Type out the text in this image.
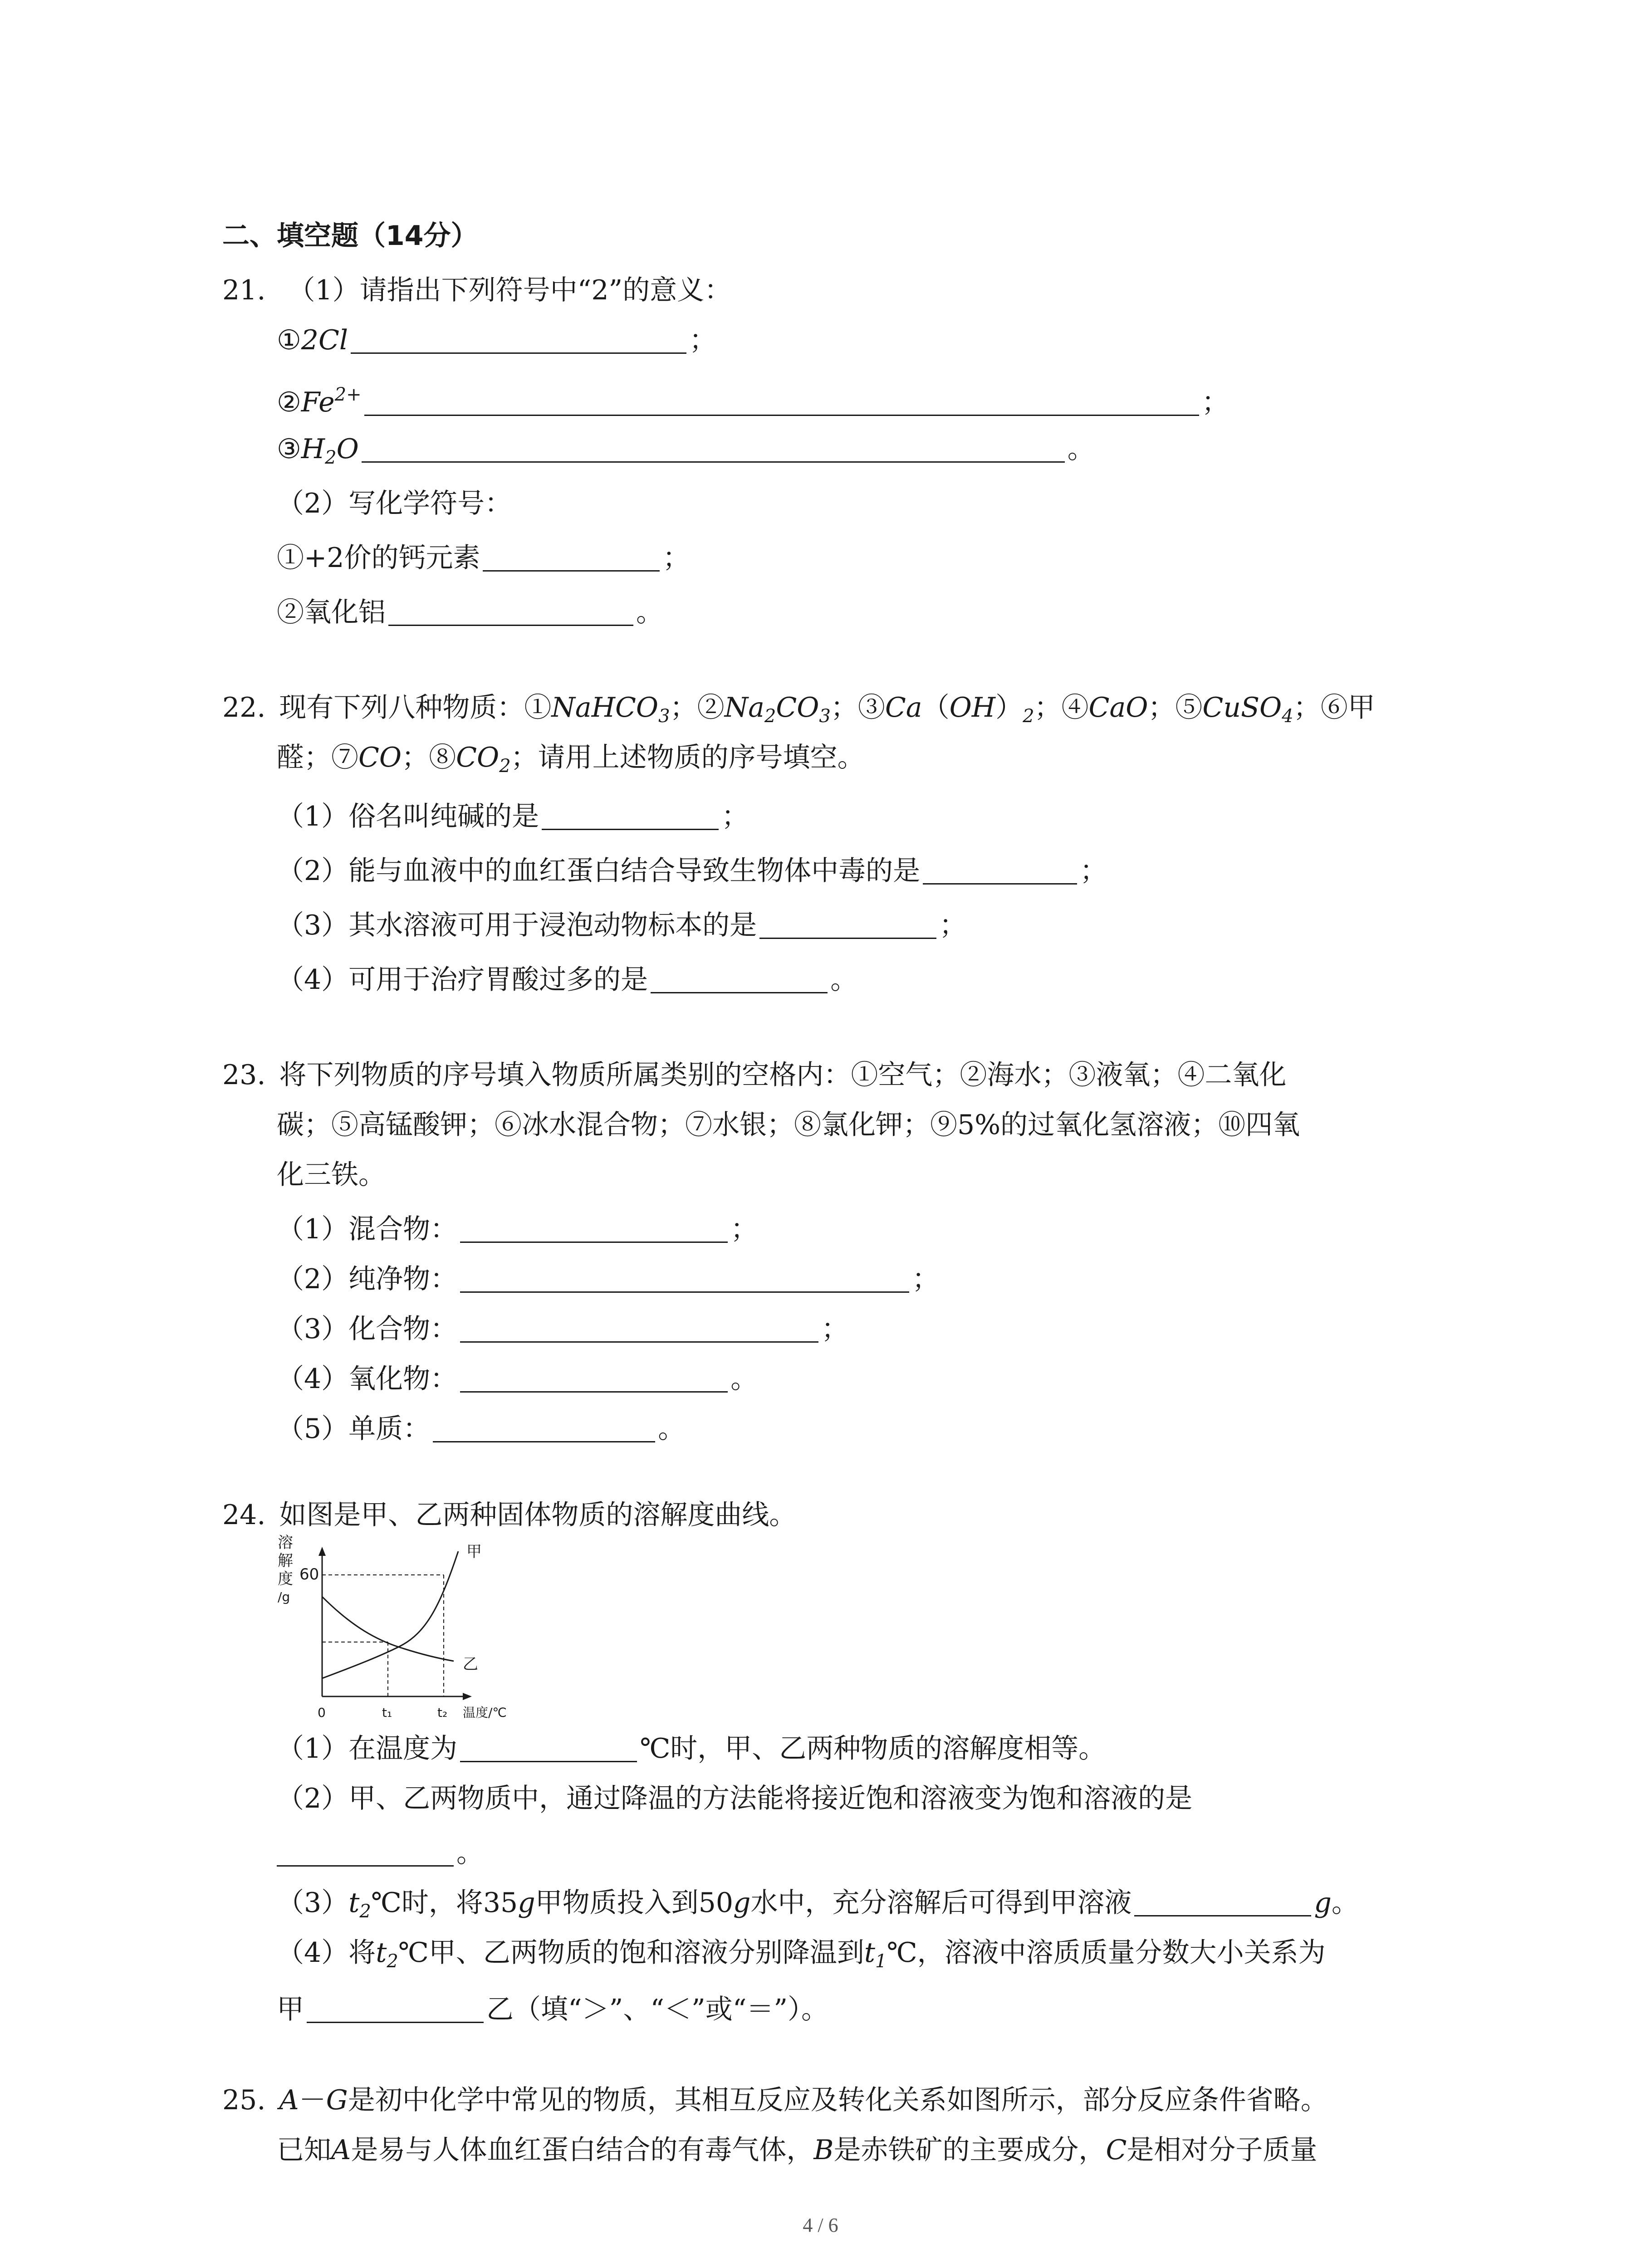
二、填空题（14分）
21. （1）请指出下列符号中“2”的意义：
①2Cl	；
$②Fe^{2+}$	；
$③H_2O$	。
（2）写化学符号：
①+2价的钙元素	；
②氧化铝	。
22. 现有下列八种物质：①NaHCO$_3$；$②Na_2CO_3$；$③Ca(OH)_2$；④CaO；⑤CuSO$_4$；⑥甲
醛；⑦CO；$⑧CO_2$；请用上述物质的序号填空。
（1）俗名叫纯碱的是	；
（2）能与血液中的血红蛋白结合导致生物体中毒的是	；
（3）其水溶液可用于浸泡动物标本的是	；
（4）可用于治疗胃酸过多的是	。
23. 将下列物质的序号填入物质所属类别的空格内：①空气；②海水；③液氧；④二氧化
碳；⑤高锰酸钾；⑥冰水混合物；⑦水银；⑧氯化钾；⑨5%的过氧化氢溶液；⑩四氧
化三铁。
（1）混合物：	；
（2）纯净物：	；
（3）化合物：	；
（4）氧化物：	。
（5）单质：	。
24. 如图是甲、乙两种固体物质的溶解度曲线。
溶
解
度
/g
60
甲
乙
0	t₁	t₂ 温度/℃
（1）在温度为	℃时，甲、乙两种物质的溶解度相等。
（2）甲、乙两物质中，通过降温的方法能将接近饱和溶液变为饱和溶液的是
。
$(3)t_2℃$时，将35g甲物质投入到50g水中，充分溶解后可得到甲溶液	g。
（4）将$t_2℃$甲、乙两物质的饱和溶液分别降温到$t_1℃$，溶液中溶质质量分数大小关系为
甲	乙（填“＞”、“＜”或“＝”）。
25. A－G是初中化学中常见的物质，其相互反应及转化关系如图所示，部分反应条件省略。
已知A是易与人体血红蛋白结合的有毒气体，B是赤铁矿的主要成分，C是相对分子质量
4 / 6
